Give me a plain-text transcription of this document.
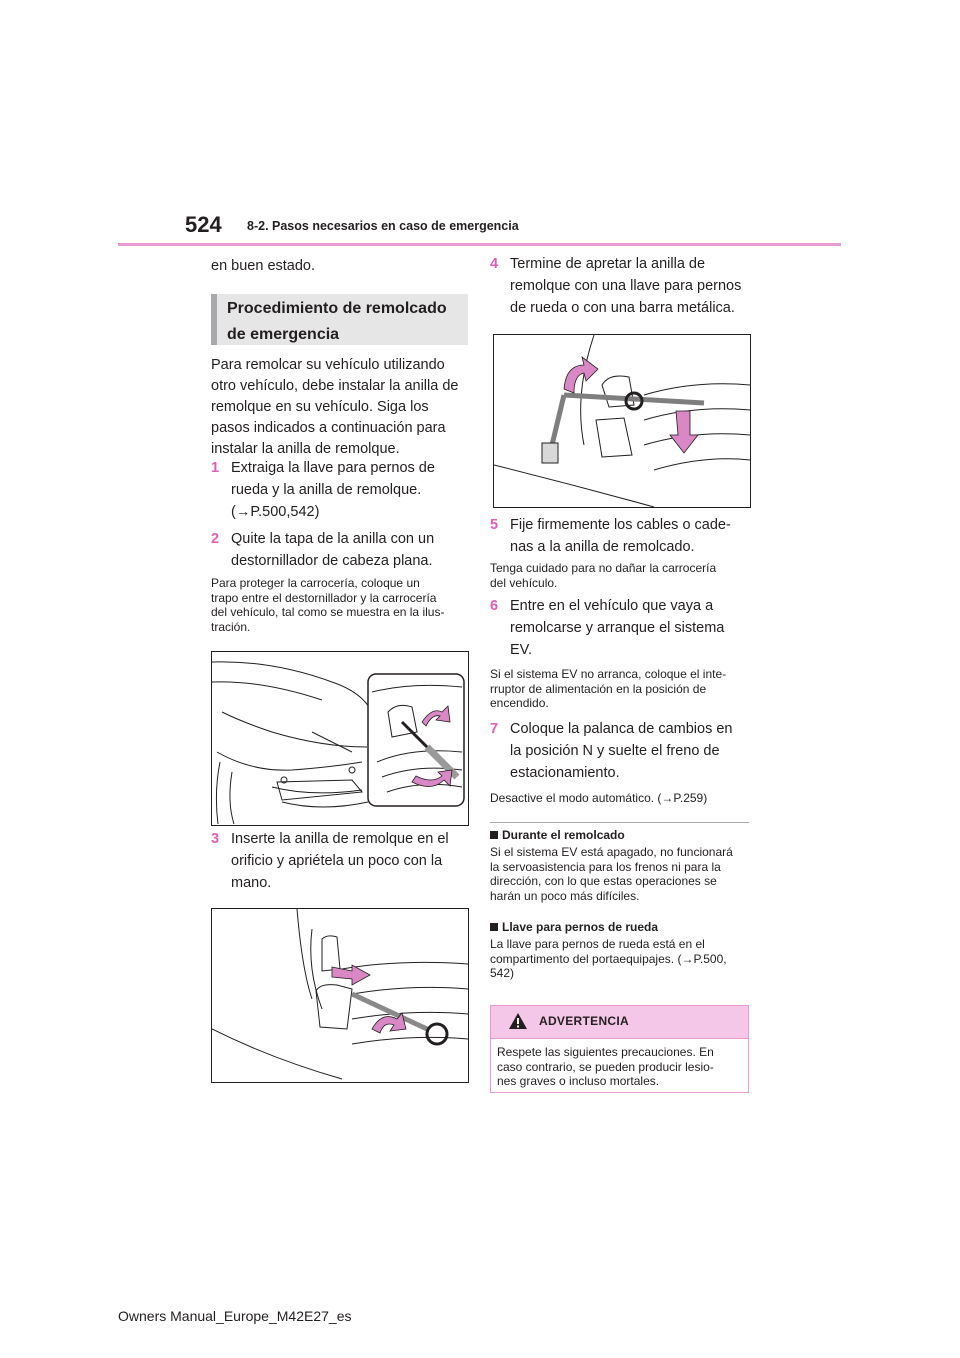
524 8-2. Pasos necesarios en caso de emergencia
en buen estado.
Procedimiento de remolcado
de emergencia
Para remolcar su vehículo utilizando
otro vehículo, debe instalar la anilla de
remolque en su vehículo. Siga los
pasos indicados a continuación para
instalar la anilla de remolque.
1 Extraiga la llave para pernos de
rueda y la anilla de remolque.
(→P.500,542)
2 Quite la tapa de la anilla con un
destornillador de cabeza plana.
Para proteger la carrocería, coloque un
trapo entre el destornillador y la carrocería
del vehículo, tal como se muestra en la ilus-
tración.
3 Inserte la anilla de remolque en el
orificio y apriételа un poco con la
mano.
4 Termine de apretar la anilla de
remolque con una llave para pernos
de rueda o con una barra metálica.
5 Fije firmemente los cables o cade-
nas a la anilla de remolcado.
Tenga cuidado para no dañar la carrocería
del vehículo.
6 Entre en el vehículo que vaya a
remolcarse y arranque el sistema
EV.
Si el sistema EV no arranca, coloque el inte-
rruptor de alimentación en la posición de
encendido.
7 Coloque la palanca de cambios en
la posición N y suelte el freno de
estacionamiento.
Desactive el modo automático. (→P.259)
Durante el remolcado
Si el sistema EV está apagado, no funcionará
la servoasistencia para los frenos ni para la
dirección, con lo que estas operaciones se
harán un poco más difíciles.
Llave para pernos de rueda
La llave para pernos de rueda está en el
compartimento del portaequipajes. (→P.500,
542)
ADVERTENCIA
Respete las siguientes precauciones. En
caso contrario, se pueden producir lesio-
nes graves o incluso mortales.
Owners Manual_Europe_M42E27_es
